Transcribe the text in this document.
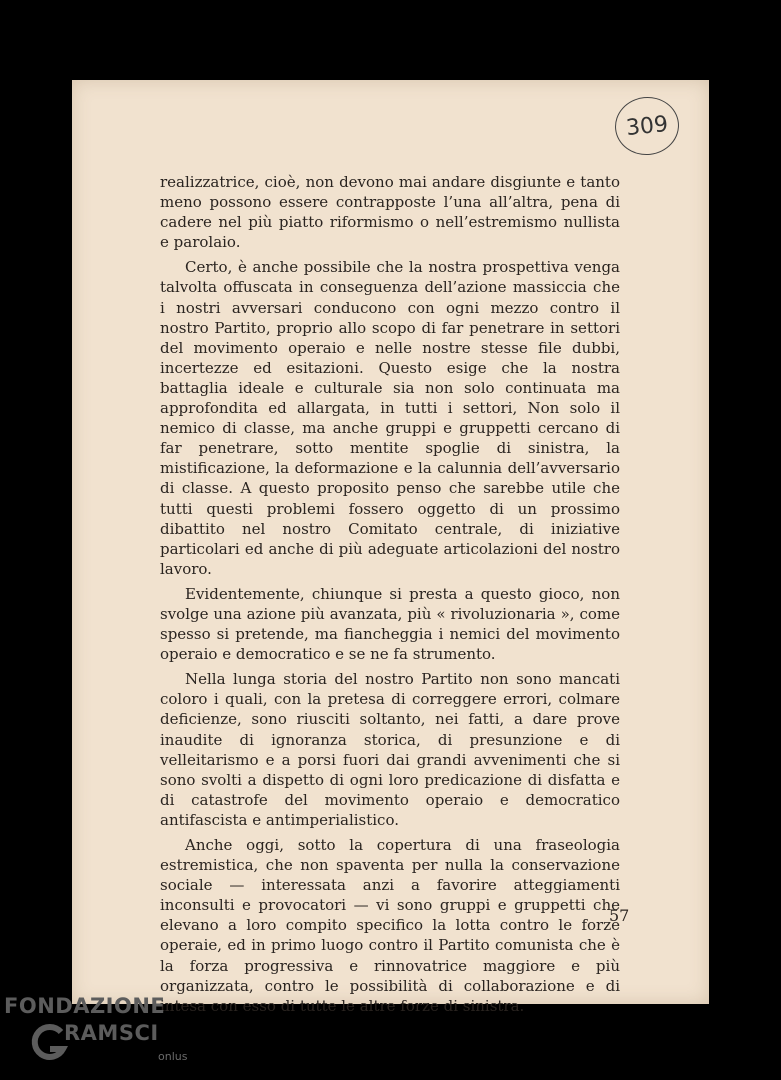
309

realizzatrice, cioè, non devono mai andare disgiunte e tanto meno possono essere contrapposte l’una all’altra, pena di cadere nel più piatto riformismo o nell’estremismo nullista e parolaio.

Certo, è anche possibile che la nostra prospettiva venga talvolta offuscata in conseguenza dell’azione massiccia che i nostri avversari conducono con ogni mezzo contro il nostro Partito, proprio allo scopo di far penetrare in settori del movimento operaio e nelle nostre stesse file dubbi, incertezze ed esitazioni. Questo esige che la nostra battaglia ideale e culturale sia non solo continuata ma approfondita ed allargata, in tutti i settori, Non solo il nemico di classe, ma anche gruppi e gruppetti cercano di far penetrare, sotto mentite spoglie di sinistra, la mistificazione, la deformazione e la calunnia dell’avversario di classe. A questo proposito penso che sarebbe utile che tutti questi problemi fossero oggetto di un prossimo dibattito nel nostro Comitato centrale, di iniziative particolari ed anche di più adeguate articolazioni del nostro lavoro.

Evidentemente, chiunque si presta a questo gioco, non svolge una azione più avanzata, più « rivoluzionaria », come spesso si pretende, ma fiancheggia i nemici del movimento operaio e democratico e se ne fa strumento.

Nella lunga storia del nostro Partito non sono mancati coloro i quali, con la pretesa di correggere errori, colmare deficienze, sono riusciti soltanto, nei fatti, a dare prove inaudite di ignoranza storica, di presunzione e di velleitarismo e a porsi fuori dai grandi avvenimenti che si sono svolti a dispetto di ogni loro predicazione di disfatta e di catastrofe del movimento operaio e democratico antifascista e antimperialistico.

Anche oggi, sotto la copertura di una fraseologia estremistica, che non spaventa per nulla la conservazione sociale — interessata anzi a favorire atteggiamenti inconsulti e provocatori — vi sono gruppi e gruppetti che elevano a loro compito specifico la lotta contro le forze operaie, ed in primo luogo contro il Partito comunista che è la forza progressiva e rinnovatrice maggiore e più organizzata, contro le possibilità di collaborazione e di intesa con esso di tutte le altre forze di sinistra.

57
FONDAZIONE
RAMSCI
onlus
